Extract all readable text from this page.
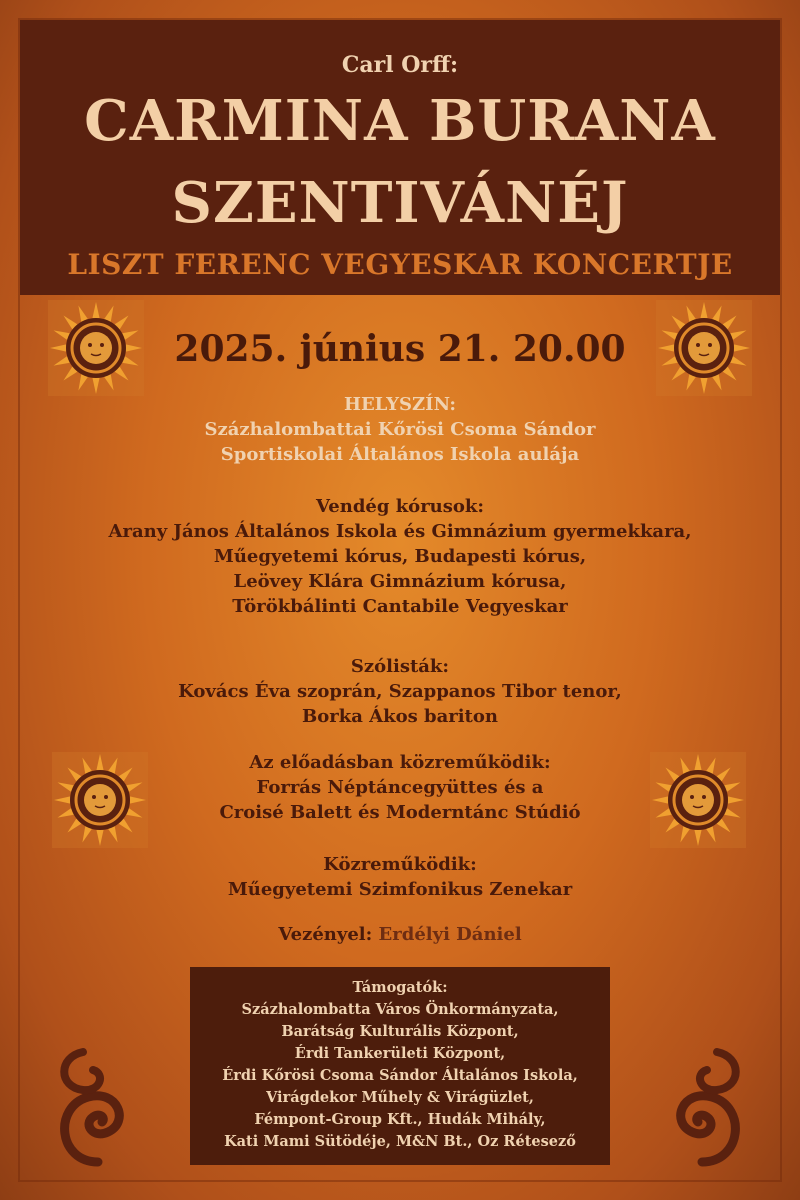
Carl Orff:
CARMINA BURANA
SZENTIVÁNÉJ
LISZT FERENC VEGYESKAR KONCERTJE
2025. június 21. 20.00
HELYSZÍN:
Százhalombattai Kőrösi Csoma Sándor
Sportiskolai Általános Iskola aulája
Vendég kórusok:
Arany János Általános Iskola és Gimnázium gyermekkara,
Műegyetemi kórus, Budapesti kórus,
Leövey Klára Gimnázium kórusa,
Törökbálinti Cantabile Vegyeskar
Szólisták:
Kovács Éva szoprán, Szappanos Tibor tenor,
Borka Ákos bariton
Az előadásban közreműködik:
Forrás Néptáncegyüttes és a
Croisé Balett és Moderntánc Stúdió
Közreműködik:
Műegyetemi Szimfonikus Zenekar
Vezényel: Erdélyi Dániel
Támogatók:
Százhalombatta Város Önkormányzata,
Barátság Kulturális Központ,
Érdi Tankerületi Központ,
Érdi Kőrösi Csoma Sándor Általános Iskola,
Virágdekor Műhely & Virágüzlet,
Fémpont-Group Kft., Hudák Mihály,
Kati Mami Sütödéje, M&N Bt., Oz Rétesező
